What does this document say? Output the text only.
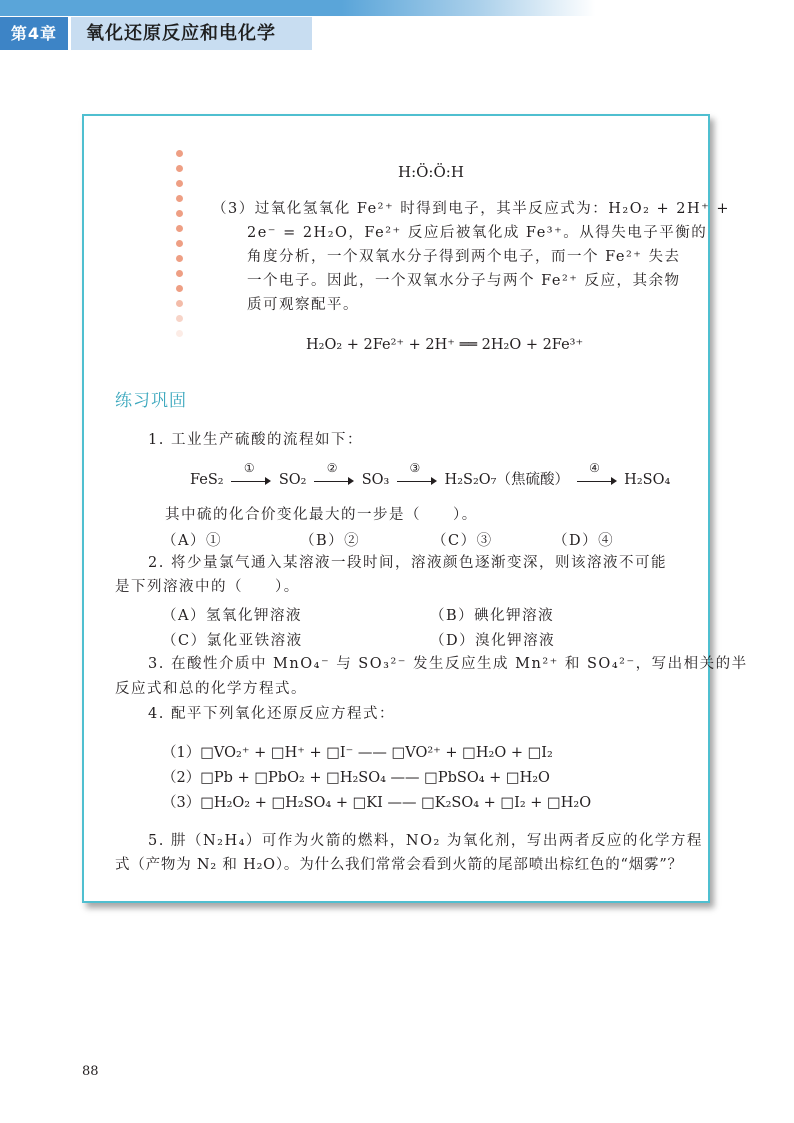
第4章	氧化还原反应和电化学
H:Ö:Ö:H
（3）过氧化氢氧化 Fe²⁺ 时得到电子，其半反应式为：H₂O₂ + 2H⁺ +
2e⁻ = 2H₂O，Fe²⁺ 反应后被氧化成 Fe³⁺。从得失电子平衡的
角度分析，一个双氧水分子得到两个电子，而一个 Fe²⁺ 失去
一个电子。因此，一个双氧水分子与两个 Fe²⁺ 反应，其余物
质可观察配平。
H₂O₂ + 2Fe²⁺ + 2H⁺ ══ 2H₂O + 2Fe³⁺
练习巩固
1. 工业生产硫酸的流程如下：
FeS₂
①
SO₂
②
SO₃
③
H₂S₂O₇（焦硫酸）
④
H₂SO₄
其中硫的化合价变化最大的一步是（　　）。
（A）①	（B）②	（C）③	（D）④
2. 将少量氯气通入某溶液一段时间，溶液颜色逐渐变深，则该溶液不可能
是下列溶液中的（　　）。
（A）氢氧化钾溶液	（B）碘化钾溶液
（C）氯化亚铁溶液	（D）溴化钾溶液
3. 在酸性介质中 MnO₄⁻ 与 SO₃²⁻ 发生反应生成 Mn²⁺ 和 SO₄²⁻，写出相关的半
反应式和总的化学方程式。
4. 配平下列氧化还原反应方程式：
（1）□VO₂⁺ + □H⁺ + □I⁻ —— □VO²⁺ + □H₂O + □I₂
（2）□Pb + □PbO₂ + □H₂SO₄ —— □PbSO₄ + □H₂O
（3）□H₂O₂ + □H₂SO₄ + □KI —— □K₂SO₄ + □I₂ + □H₂O
5. 肼（N₂H₄）可作为火箭的燃料，NO₂ 为氧化剂，写出两者反应的化学方程
式（产物为 N₂ 和 H₂O）。为什么我们常常会看到火箭的尾部喷出棕红色的“烟雾”？
88
